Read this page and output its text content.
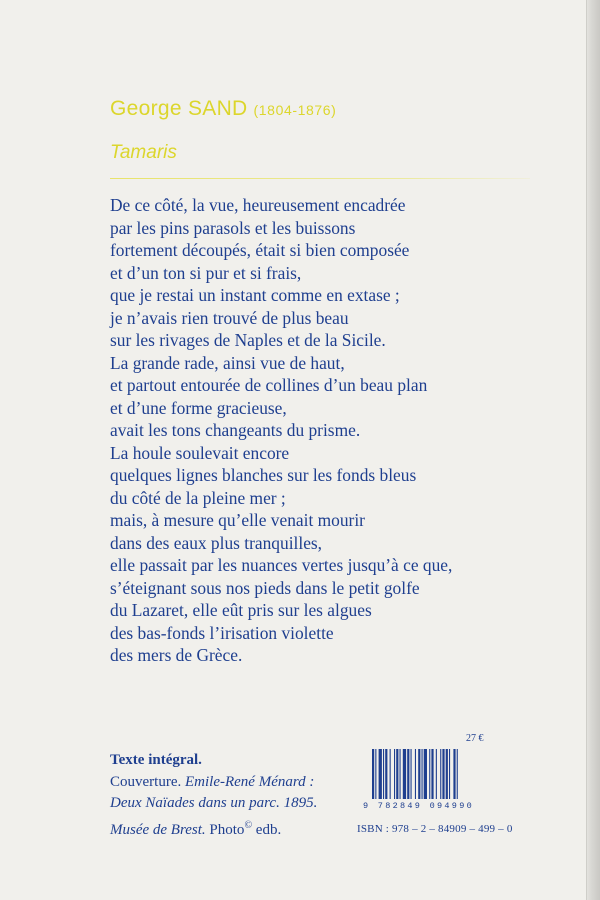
George SAND (1804-1876)
Tamaris
De ce côté, la vue, heureusement encadrée
par les pins parasols et les buissons
fortement découpés, était si bien composée
et d’un ton si pur et si frais,
que je restai un instant comme en extase ;
je n’avais rien trouvé de plus beau
sur les rivages de Naples et de la Sicile.
La grande rade, ainsi vue de haut,
et partout entourée de collines d’un beau plan
et d’une forme gracieuse,
avait les tons changeants du prisme.
La houle soulevait encore
quelques lignes blanches sur les fonds bleus
du côté de la pleine mer ;
mais, à mesure qu’elle venait mourir
dans des eaux plus tranquilles,
elle passait par les nuances vertes jusqu’à ce que,
s’éteignant sous nos pieds dans le petit golfe
du Lazaret, elle eût pris sur les algues
des bas-fonds l’irisation violette
des mers de Grèce.
Texte intégral.
Couverture. Emile-René Ménard :
Deux Naïades dans un parc. 1895.
Musée de Brest. Photo© edb.
27 €
9 782849 094990
ISBN : 978 – 2 – 84909 – 499 – 0
